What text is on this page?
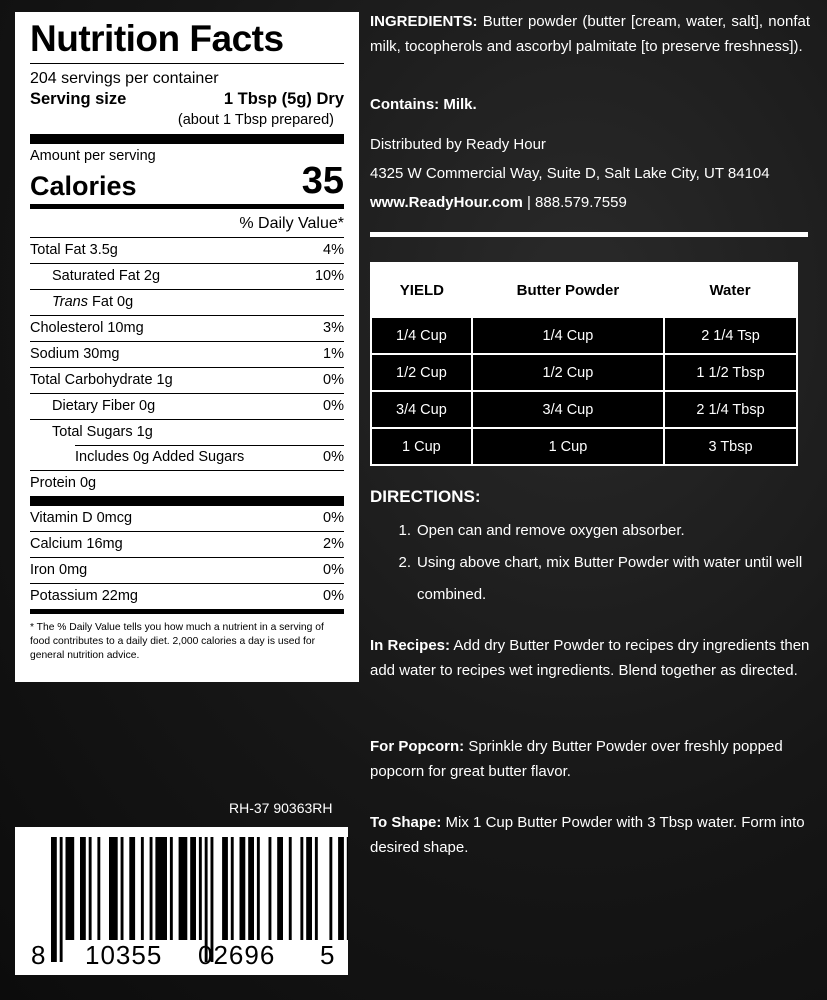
Nutrition Facts
204 servings per container
Serving size	1 Tbsp (5g) Dry
(about 1 Tbsp prepared)
Amount per serving
Calories	35
% Daily Value*
Total Fat 3.5g	4%
Saturated Fat 2g	10%
Trans Fat 0g
Cholesterol 10mg	3%
Sodium 30mg	1%
Total Carbohydrate 1g	0%
Dietary Fiber 0g	0%
Total Sugars 1g
Includes 0g Added Sugars	0%
Protein 0g
Vitamin D 0mcg	0%
Calcium 16mg	2%
Iron 0mg	0%
Potassium 22mg	0%
* The % Daily Value tells you how much a nutrient in a serving of food contributes to a daily diet. 2,000 calories a day is used for general nutrition advice.
INGREDIENTS: Butter powder (butter [cream, water, salt], nonfat milk, tocopherols and ascorbyl palmitate [to preserve freshness]).
Contains: Milk.
Distributed by Ready Hour
4325 W Commercial Way, Suite D, Salt Lake City, UT 84104
www.ReadyHour.com | 888.579.7559
YIELD	Butter Powder	Water
1/4 Cup	1/4 Cup	2 1/4 Tsp
1/2 Cup	1/2 Cup	1 1/2 Tbsp
3/4 Cup	3/4 Cup	2 1/4 Tbsp
1 Cup	1 Cup	3 Tbsp
DIRECTIONS:
1. Open can and remove oxygen absorber.
2. Using above chart, mix Butter Powder with water until well combined.
In Recipes: Add dry Butter Powder to recipes dry ingredients then add water to recipes wet ingredients. Blend together as directed.
For Popcorn: Sprinkle dry Butter Powder over freshly popped popcorn for great butter flavor.
To Shape: Mix 1 Cup Butter Powder with 3 Tbsp water. Form into desired shape.
RH-37 90363RH
8 10355 02696 5
